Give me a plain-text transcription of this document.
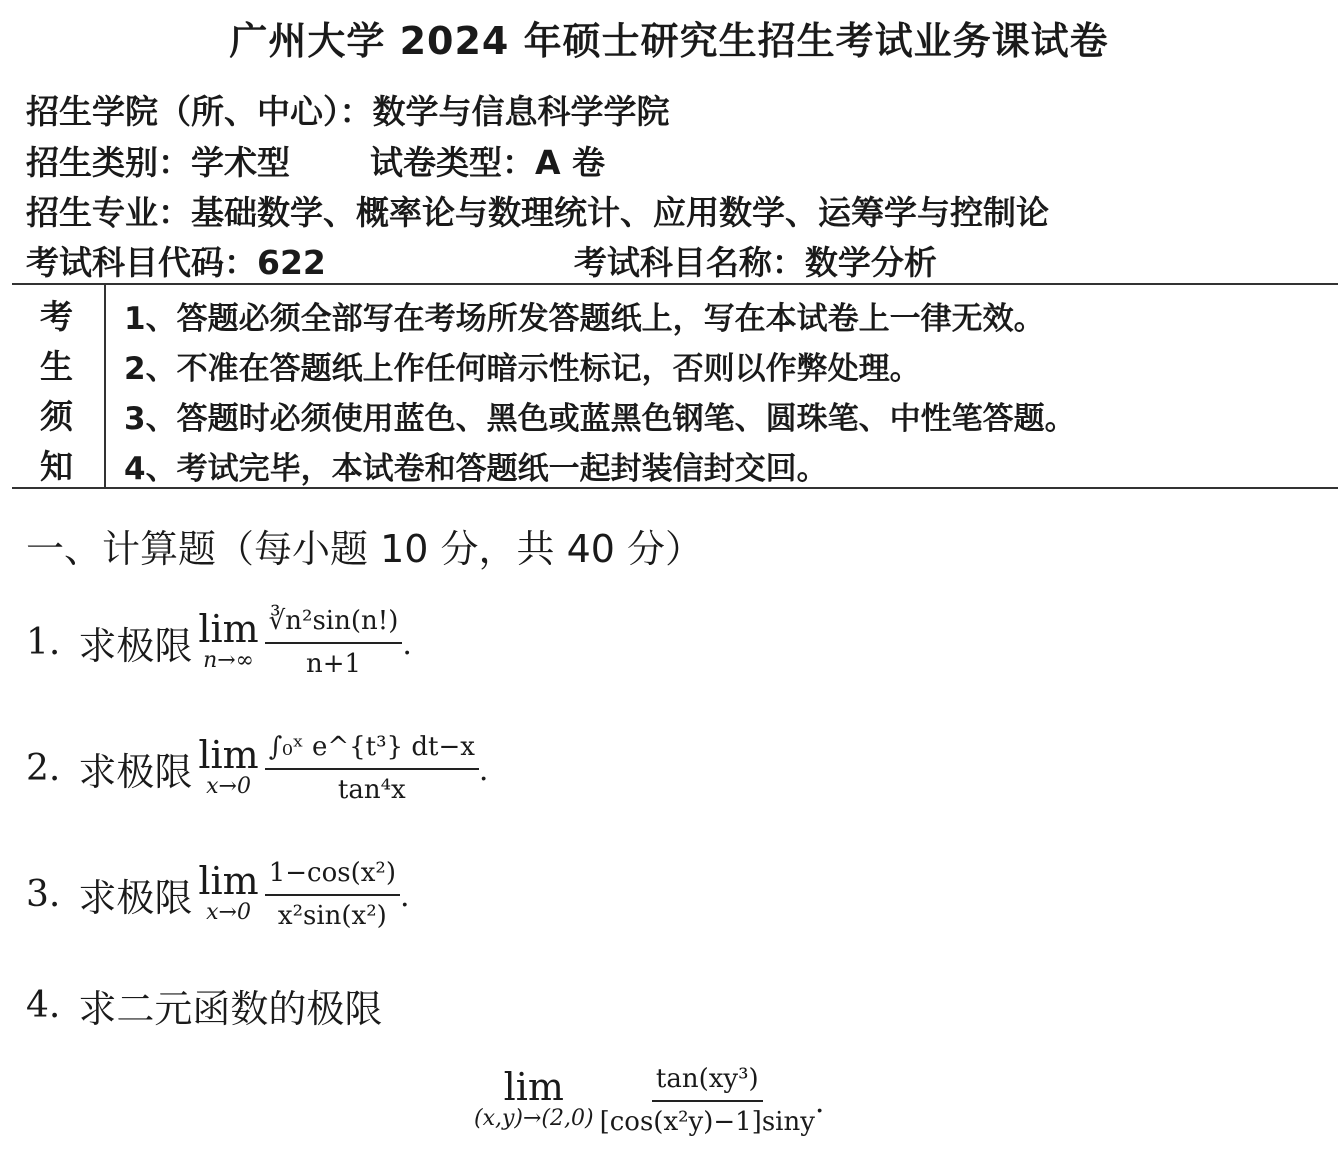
广州大学 2024 年硕士研究生招生考试业务课试卷
招生学院（所、中心）：数学与信息科学学院
招生类别：学术型 试卷类型：A 卷
招生专业：基础数学、概率论与数理统计、应用数学、运筹学与控制论
考试科目代码：622	考试科目名称：数学分析
考
生
须
知
1、答题必须全部写在考场所发答题纸上，写在本试卷上一律无效。
2、不准在答题纸上作任何暗示性标记，否则以作弊处理。
3、答题时必须使用蓝色、黑色或蓝黑色钢笔、圆珠笔、中性笔答题。
4、考试完毕，本试卷和答题纸一起封装信封交回。
一、计算题（每小题 10 分，共 40 分）
1. 求极限 lim
$n\to\infty \frac{\text{∛n²sin(n!)}}{n+1}$ .
2. 求极限 lim
$x\to 0 \frac{\text{∫₀ˣ e\textasciicircum{}\{t³\} dt−x}}{\text{tan⁴x}}$ .
3. 求极限 lim
$x\to 0 \frac{\text{1−cos(x²)}}{\text{x²sin(x²)}}$ .
4. 求二元函数的极限
lim
$(x,y)\to(2,0) \frac{\text{tan(xy³)}}{\text{[cos(x²y)−1]siny}}$ .
